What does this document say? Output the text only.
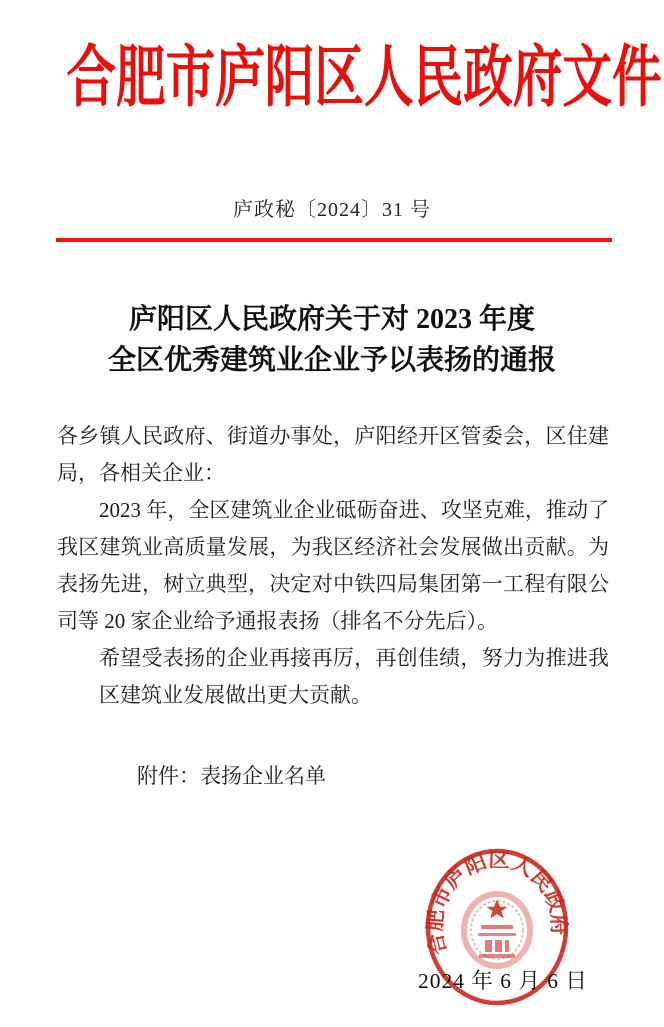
合肥市庐阳区人民政府文件
庐政秘〔2024〕31 号
庐阳区人民政府关于对 2023 年度
全区优秀建筑业企业予以表扬的通报

各乡镇人民政府、街道办事处，庐阳经开区管委会，区住建局，各相关企业：

2023 年，全区建筑业企业砥砺奋进、攻坚克难，推动了我区建筑业高质量发展，为我区经济社会发展做出贡献。为表扬先进，树立典型，决定对中铁四局集团第一工程有限公司等 20 家企业给予通报表扬（排名不分先后）。

希望受表扬的企业再接再厉，再创佳绩，努力为推进我区建筑业发展做出更大贡献。

附件：表扬企业名单

合肥市庐阳区人民政府
2024 年 6 月 6 日
